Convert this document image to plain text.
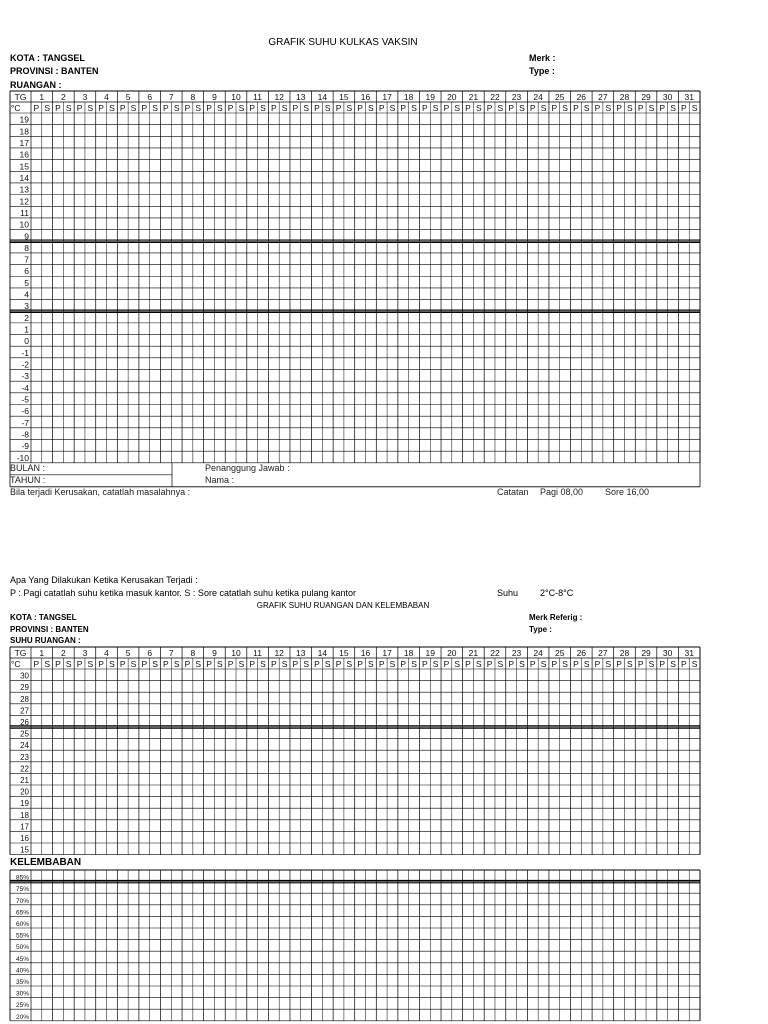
GRAFIK SUHU KULKAS VAKSIN
KOTA : TANGSEL
PROVINSI : BANTEN
RUANGAN :
Merk :
Type :
TG
°C
1
P S
2
P S
3
P S
4
P S
5
P S
6
P S
7
P S
8
P S
9
P S
10
P S
11
P S
12
P S
13
P S
14
P S
15
P S
16
P S
17
P S
18
P S
19
P S
20
P S
21
P S
22
P S
23
P S
24
P S
25
P S
26
P S
27
P S
28
P S
29
P S
30
P S
31
P S
19
18
17
16
15
14
13
12
11
10
9
8
7
6
5
4
3
2
1
0
-1
-2
-3
-4
-5
-6
-7
-8
-9
-10
TG
°C
1
P S
2
P S
3
P S
4
P S
5
P S
6
P S
7
P S
8
P S
9
P S
10
P S
11
P S
12
P S
13
P S
14
P S
15
P S
16
P S
17
P S
18
P S
19
P S
20
P S
21
P S
22
P S
23
P S
24
P S
25
P S
26
P S
27
P S
28
P S
29
P S
30
P S
31
P S
30
29
28
27
26
25
24
23
22
21
20
19
18
17
16
15
85%
75%
70%
65%
60%
55%
50%
45%
40%
35%
30%
25%
20%
BULAN :
TAHUN :
Penanggung Jawab :
Nama :
Bila terjadi Kerusakan, catatlah masalahnya :	Catatan Pagi 08,00 Sore 16,00
Apa Yang Dilakukan Ketika Kerusakan Terjadi :
P : Pagi catatlah suhu ketika masuk kantor. S : Sore catatlah suhu ketika pulang kantor	Suhu 2°C-8°C
GRAFIK SUHU RUANGAN DAN KELEMBABAN
KOTA : TANGSEL
PROVINSI : BANTEN
SUHU RUANGAN :
Merk Referig :
Type :
KELEMBABAN
